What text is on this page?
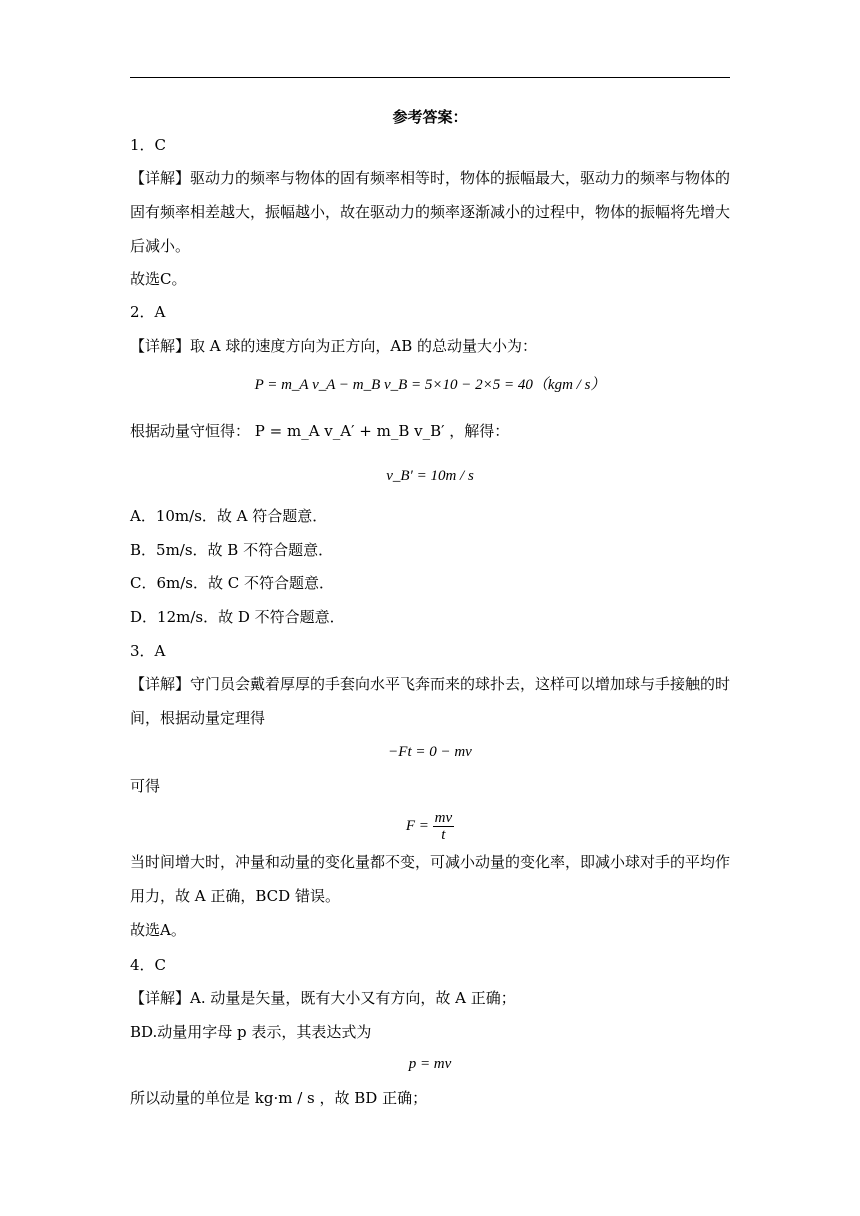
参考答案：
1．C
【详解】驱动力的频率与物体的固有频率相等时，物体的振幅最大，驱动力的频率与物体的
固有频率相差越大，振幅越小，故在驱动力的频率逐渐减小的过程中，物体的振幅将先增大
后减小。
故选C。
2．A
【详解】取 A 球的速度方向为正方向，AB 的总动量大小为：
P = m_A v_A − m_B v_B = 5×10 − 2×5 = 40（kgm / s）
根据动量守恒得： P = m_A v_A′ + m_B v_B′ ，解得：
v_B′ = 10m / s
A．10m/s．故 A 符合题意．
B．5m/s．故 B 不符合题意．
C．6m/s．故 C 不符合题意．
D．12m/s．故 D 不符合题意．
3．A
【详解】守门员会戴着厚厚的手套向水平飞奔而来的球扑去，这样可以增加球与手接触的时
间，根据动量定理得
−Ft = 0 − mv
可得
$F = \frac{mv}{t}$
当时间增大时，冲量和动量的变化量都不变，可减小动量的变化率，即减小球对手的平均作
用力，故 A 正确，BCD 错误。
故选A。
4．C
【详解】A. 动量是矢量，既有大小又有方向，故 A 正确；
BD.动量用字母 p 表示，其表达式为
p = mv
所以动量的单位是 kg·m / s ，故 BD 正确；
